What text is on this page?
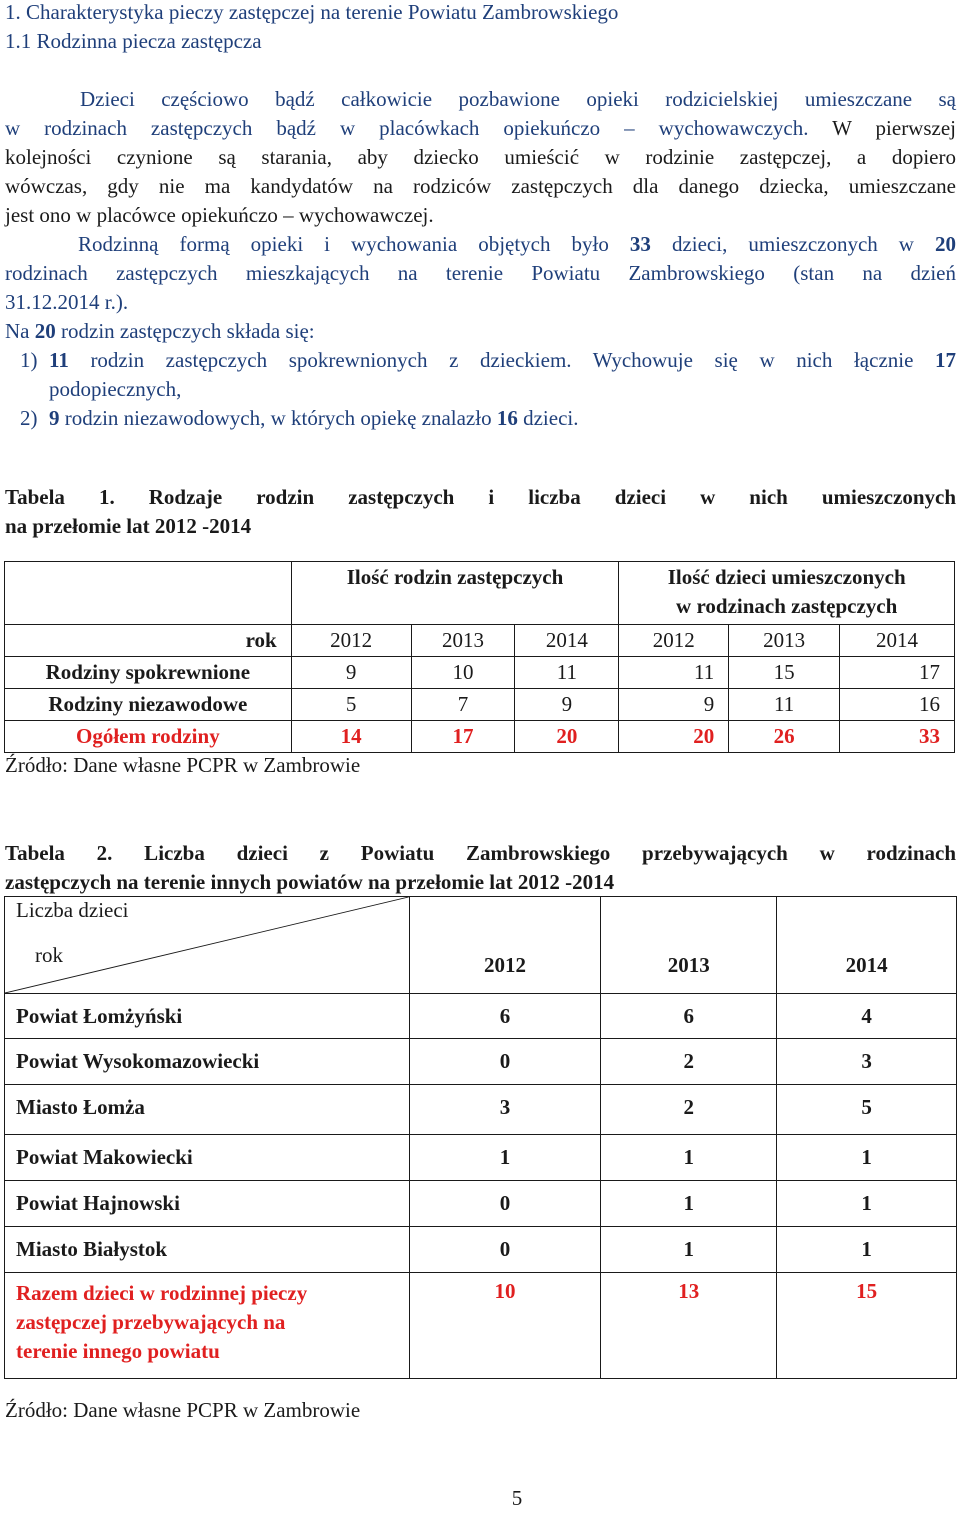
1. Charakterystyka pieczy zastępczej na terenie Powiatu Zambrowskiego
1.1 Rodzinna piecza zastępcza
Dzieci częściowo bądź całkowicie pozbawione opieki rodzicielskiej umieszczane są
w rodzinach zastępczych bądź w placówkach opiekuńczo – wychowawczych. W pierwszej
kolejności czynione są starania, aby dziecko umieścić w rodzinie zastępczej, a dopiero
wówczas, gdy nie ma kandydatów na rodziców zastępczych dla danego dziecka, umieszczane
jest ono w placówce opiekuńczo – wychowawczej.
Rodzinną formą opieki i wychowania objętych było 33 dzieci, umieszczonych w 20
rodzinach zastępczych mieszkających na terenie Powiatu Zambrowskiego (stan na dzień
31.12.2014 r.).
Na 20 rodzin zastępczych składa się:
1) 11 rodzin zastępczych spokrewnionych z dzieckiem. Wychowuje się w nich łącznie 17
podopiecznych,
2) 9 rodzin niezawodowych, w których opiekę znalazło 16 dzieci.
Tabela 1. Rodzaje rodzin zastępczych i liczba dzieci w nich umieszczonych
na przełomie lat 2012 -2014
	Ilość rodzin zastępczych			Ilość dzieci umieszczonych
w rodzinach zastępczych		

rok	2012	2013	2014	2012	2013	2014
Rodziny spokrewnione	9	10	11	11	15	17
Rodziny niezawodowe	5	7	9	9	11	16
Ogółem rodziny	14	17	20	20	26	33
Źródło: Dane własne PCPR w Zambrowie
Tabela 2. Liczba dzieci z Powiatu Zambrowskiego przebywających w rodzinach
zastępczych na terenie innych powiatów na przełomie lat 2012 -2014
Liczba dzieci
rok	2012	2013	2014
Powiat Łomżyński	6	6	4
Powiat Wysokomazowiecki	0	2	3
Miasto Łomża	3	2	5
Powiat Makowiecki	1	1	1
Powiat Hajnowski	0	1	1
Miasto Białystok	0	1	1

Razem dzieci w rodzinnej pieczy
zastępczej przebywających na
terenie innego powiatu	10	13	15
Źródło: Dane własne PCPR w Zambrowie
5
